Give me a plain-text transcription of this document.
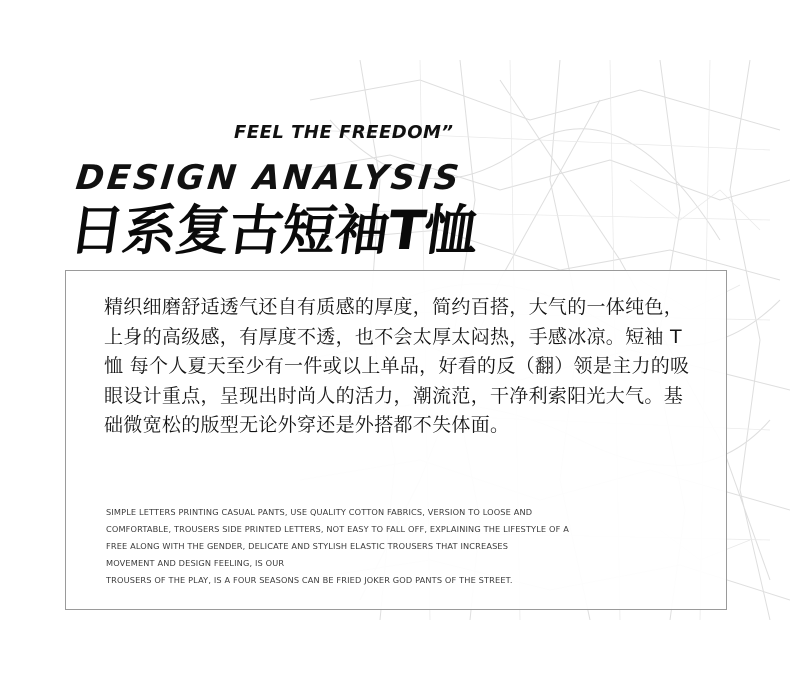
FEEL THE FREEDOM”
DESIGN ANALYSIS
日系复古短袖T恤

精织细磨舒适透气还自有质感的厚度，简约百搭，大气的一体纯色，上身的高级感，有厚度不透，也不会太厚太闷热，手感冰凉。短袖 T恤 每个人夏天至少有一件或以上单品，好看的反（翻）领是主力的吸眼设计重点，呈现出时尚人的活力，潮流范，干净利索阳光大气。基础微宽松的版型无论外穿还是外搭都不失体面。

SIMPLE LETTERS PRINTING CASUAL PANTS, USE QUALITY COTTON FABRICS, VERSION TO LOOSE AND
COMFORTABLE, TROUSERS SIDE PRINTED LETTERS, NOT EASY TO FALL OFF, EXPLAINING THE LIFESTYLE OF A
FREE ALONG WITH THE GENDER, DELICATE AND STYLISH ELASTIC TROUSERS THAT INCREASES
MOVEMENT AND DESIGN FEELING, IS OUR
TROUSERS OF THE PLAY, IS A FOUR SEASONS CAN BE FRIED JOKER GOD PANTS OF THE STREET.
